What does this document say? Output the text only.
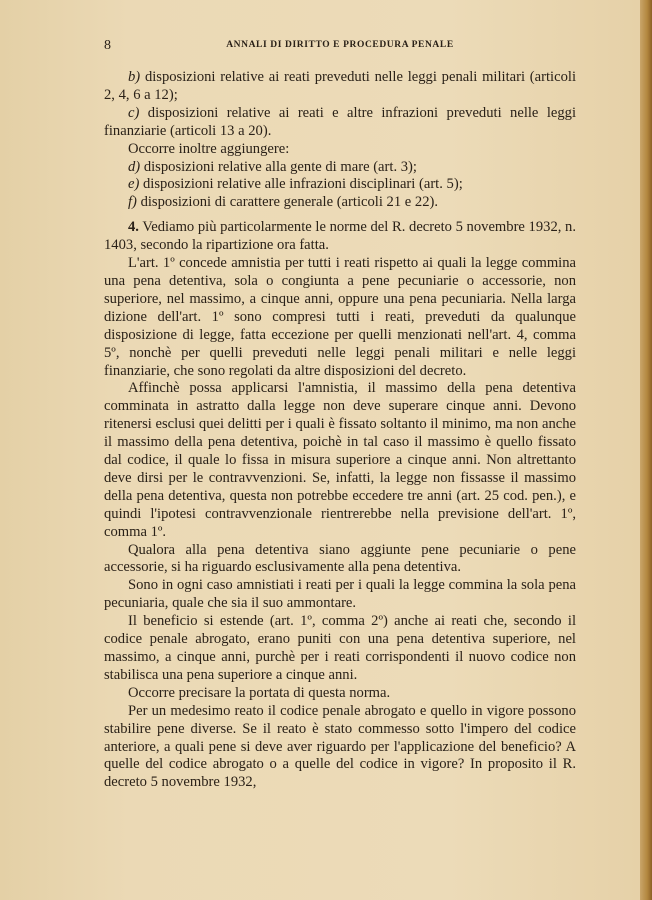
8	ANNALI DI DIRITTO E PROCEDURA PENALE

b) disposizioni relative ai reati preveduti nelle leggi penali militari (articoli 2, 4, 6 a 12);

c) disposizioni relative ai reati e altre infrazioni preveduti nelle leggi finanziarie (articoli 13 a 20).

Occorre inoltre aggiungere:

d) disposizioni relative alla gente di mare (art. 3);

e) disposizioni relative alle infrazioni disciplinari (art. 5);

f) disposizioni di carattere generale (articoli 21 e 22).

4. Vediamo più particolarmente le norme del R. decreto 5 novembre 1932, n. 1403, secondo la ripartizione ora fatta.

L'art. 1º concede amnistia per tutti i reati rispetto ai quali la legge commina una pena detentiva, sola o congiunta a pene pecuniarie o accessorie, non superiore, nel massimo, a cinque anni, oppure una pena pecuniaria. Nella larga dizione dell'art. 1º sono compresi tutti i reati, preveduti da qualunque disposizione di legge, fatta eccezione per quelli menzionati nell'art. 4, comma 5º, nonchè per quelli preveduti nelle leggi penali militari e nelle leggi finanziarie, che sono regolati da altre disposizioni del decreto.

Affinchè possa applicarsi l'amnistia, il massimo della pena detentiva comminata in astratto dalla legge non deve superare cinque anni. Devono ritenersi esclusi quei delitti per i quali è fissato soltanto il minimo, ma non anche il massimo della pena detentiva, poichè in tal caso il massimo è quello fissato dal codice, il quale lo fissa in misura superiore a cinque anni. Non altrettanto deve dirsi per le contravvenzioni. Se, infatti, la legge non fissasse il massimo della pena detentiva, questa non potrebbe eccedere tre anni (art. 25 cod. pen.), e quindi l'ipotesi contravvenzionale rientrerebbe nella previsione dell'art. 1º, comma 1º.

Qualora alla pena detentiva siano aggiunte pene pecuniarie o pene accessorie, si ha riguardo esclusivamente alla pena detentiva.

Sono in ogni caso amnistiati i reati per i quali la legge commina la sola pena pecuniaria, quale che sia il suo ammontare.

Il beneficio si estende (art. 1º, comma 2º) anche ai reati che, secondo il codice penale abrogato, erano puniti con una pena detentiva superiore, nel massimo, a cinque anni, purchè per i reati corrispondenti il nuovo codice non stabilisca una pena superiore a cinque anni.

Occorre precisare la portata di questa norma.

Per un medesimo reato il codice penale abrogato e quello in vigore possono stabilire pene diverse. Se il reato è stato commesso sotto l'impero del codice anteriore, a quali pene si deve aver riguardo per l'applicazione del beneficio? A quelle del codice abrogato o a quelle del codice in vigore? In proposito il R. decreto 5 novembre 1932,
